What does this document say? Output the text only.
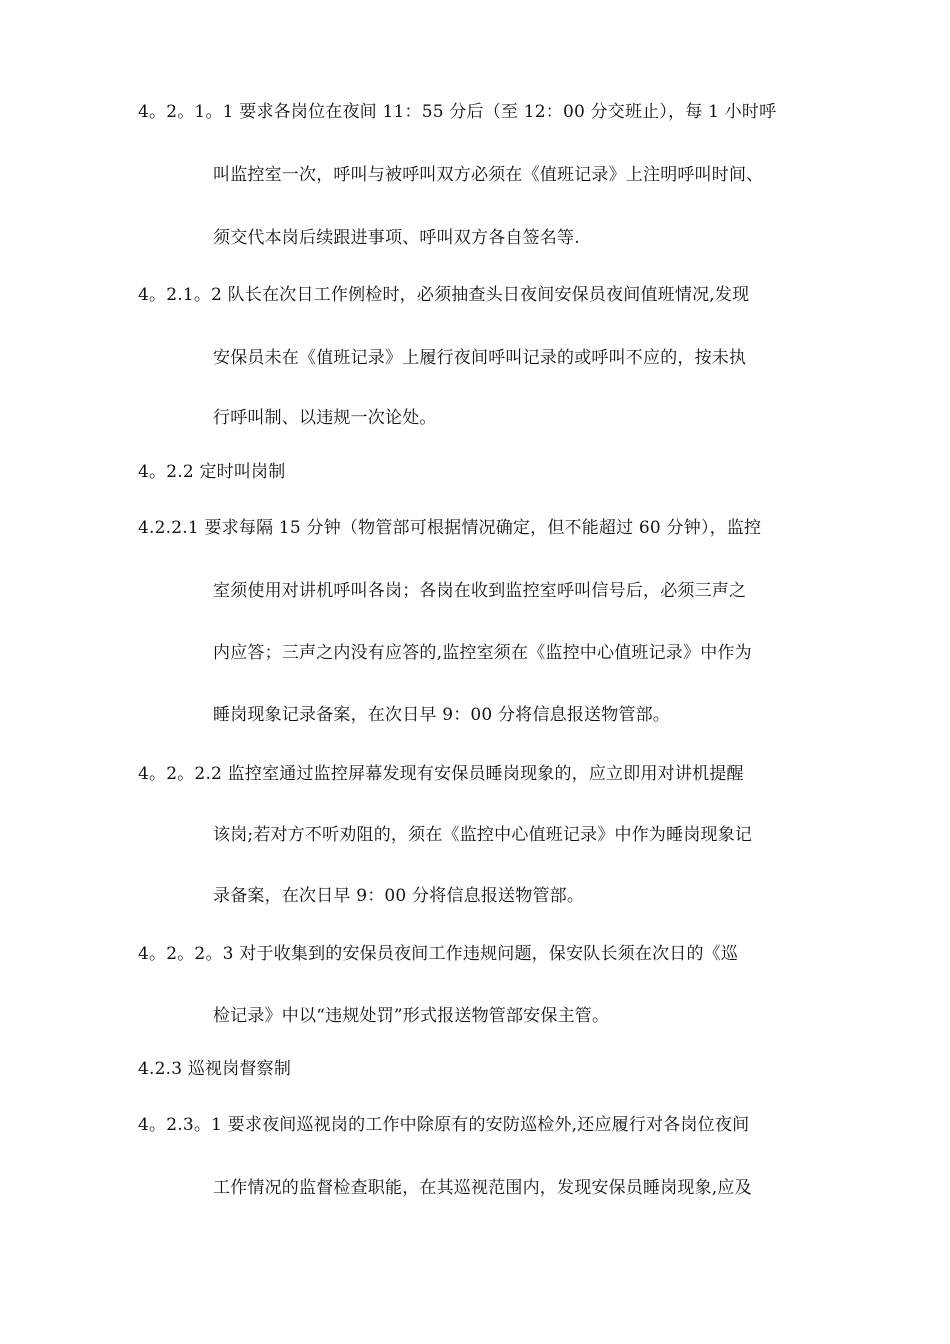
4。2。1。1 要求各岗位在夜间 11：55 分后（至 12：00 分交班止），每 1 小时呼
叫监控室一次，呼叫与被呼叫双方必须在《值班记录》上注明呼叫时间、
须交代本岗后续跟进事项、呼叫双方各自签名等.
4。2.1。2 队长在次日工作例检时，必须抽查头日夜间安保员夜间值班情况,发现
安保员未在《值班记录》上履行夜间呼叫记录的或呼叫不应的，按未执
行呼叫制、以违规一次论处。
4。2.2 定时叫岗制
4.2.2.1 要求每隔 15 分钟（物管部可根据情况确定，但不能超过 60 分钟），监控
室须使用对讲机呼叫各岗；各岗在收到监控室呼叫信号后，必须三声之
内应答；三声之内没有应答的,监控室须在《监控中心值班记录》中作为
睡岗现象记录备案，在次日早 9：00 分将信息报送物管部。
4。2。2.2 监控室通过监控屏幕发现有安保员睡岗现象的，应立即用对讲机提醒
该岗;若对方不听劝阻的，须在《监控中心值班记录》中作为睡岗现象记
录备案，在次日早 9：00 分将信息报送物管部。
4。2。2。3 对于收集到的安保员夜间工作违规问题，保安队长须在次日的《巡
检记录》中以“违规处罚”形式报送物管部安保主管。
4.2.3 巡视岗督察制
4。2.3。1 要求夜间巡视岗的工作中除原有的安防巡检外,还应履行对各岗位夜间
工作情况的监督检查职能，在其巡视范围内，发现安保员睡岗现象,应及
